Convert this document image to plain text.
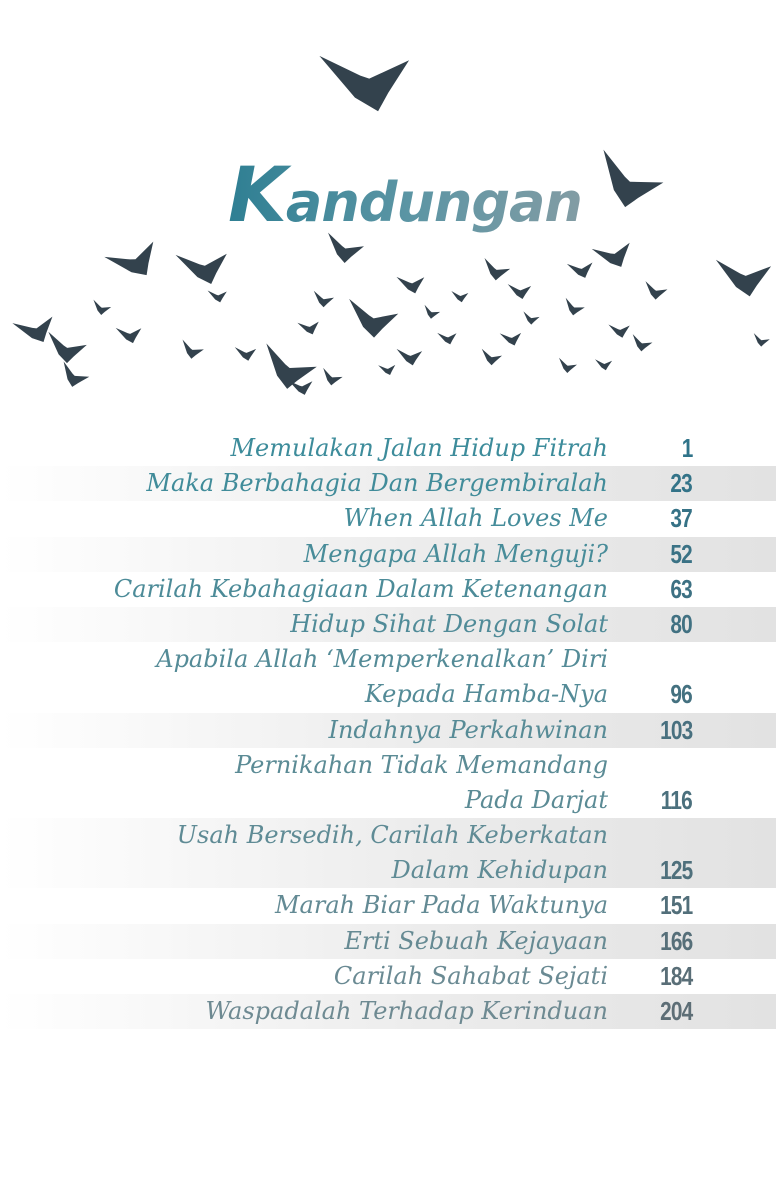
Kandungan
Memulakan Jalan Hidup Fitrah	1
Maka Berbahagia Dan Bergembiralah 23
When Allah Loves Me 37
Mengapa Allah Menguji? 52
Carilah Kebahagiaan Dalam Ketenangan 63
Hidup Sihat Dengan Solat 80
Apabila Allah ‘Memperkenalkan’ Diri
Kepada Hamba-Nya 96
Indahnya Perkahwinan 103
Pernikahan Tidak Memandang
Pada Darjat 116
Usah Bersedih, Carilah Keberkatan
Dalam Kehidupan 125
Marah Biar Pada Waktunya 151
Erti Sebuah Kejayaan 166
Carilah Sahabat Sejati 184
Waspadalah Terhadap Kerinduan 204
